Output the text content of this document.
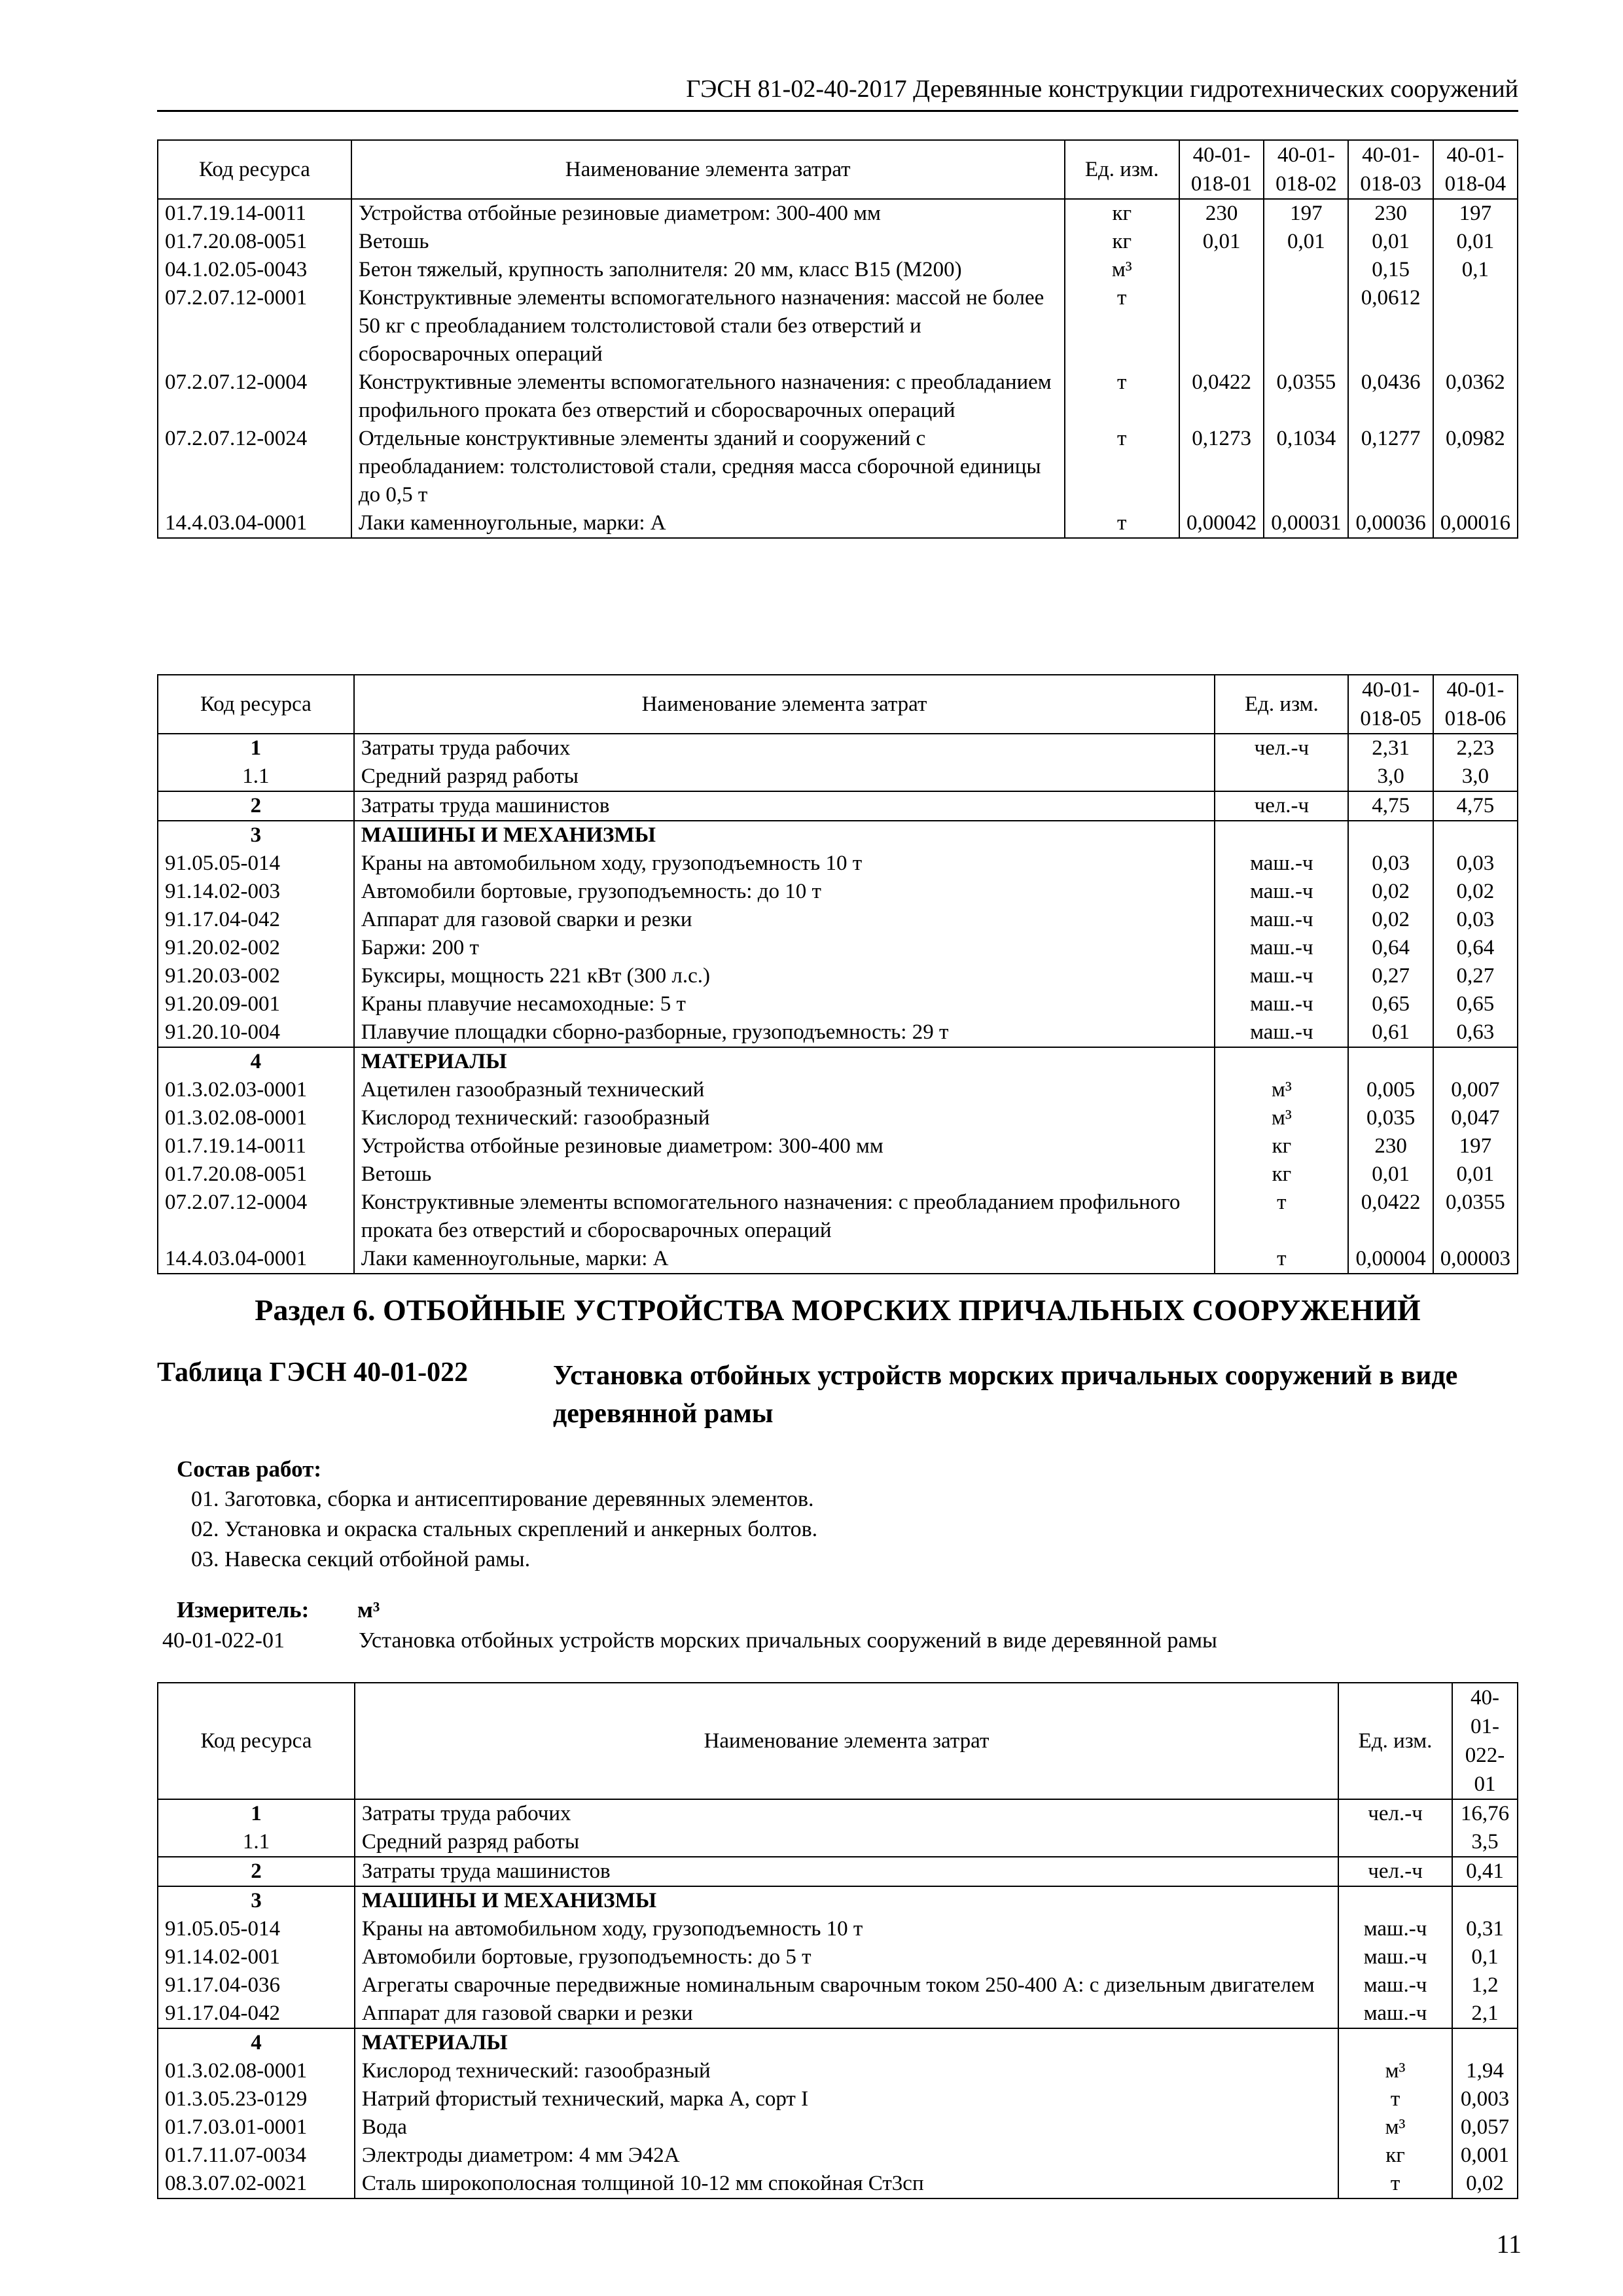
ГЭСН 81-02-40-2017 Деревянные конструкции гидротехнических сооружений
Код ресурса	Наименование элемента затрат	Ед. изм.	40-01-018-01	40-01-018-02	40-01-018-03	40-01-018-04
01.7.19.14-0011	Устройства отбойные резиновые диаметром: 300-400 мм	кг	230	197	230	197
01.7.20.08-0051	Ветошь	кг	0,01	0,01	0,01	0,01
04.1.02.05-0043	Бетон тяжелый, крупность заполнителя: 20 мм, класс В15 (М200)	м³			0,15	0,1
07.2.07.12-0001	Конструктивные элементы вспомогательного назначения: массой не более 50 кг с преобладанием толстолистовой стали без отверстий и сборосварочных операций	т			0,0612	
07.2.07.12-0004	Конструктивные элементы вспомогательного назначения: с преобладанием профильного проката без отверстий и сборосварочных операций	т	0,0422	0,0355	0,0436	0,0362
07.2.07.12-0024	Отдельные конструктивные элементы зданий и сооружений с преобладанием: толстолистовой стали, средняя масса сборочной единицы до 0,5 т	т	0,1273	0,1034	0,1277	0,0982
14.4.03.04-0001	Лаки каменноугольные, марки: А	т	0,00042	0,00031	0,00036	0,00016
Код ресурса	Наименование элемента затрат	Ед. изм.	40-01-018-05	40-01-018-06
1	Затраты труда рабочих	чел.-ч	2,31	2,23
1.1	Средний разряд работы		3,0	3,0
2	Затраты труда машинистов	чел.-ч	4,75	4,75
3	МАШИНЫ И МЕХАНИЗМЫ			
91.05.05-014	Краны на автомобильном ходу, грузоподъемность 10 т	маш.-ч	0,03	0,03
91.14.02-003	Автомобили бортовые, грузоподъемность: до 10 т	маш.-ч	0,02	0,02
91.17.04-042	Аппарат для газовой сварки и резки	маш.-ч	0,02	0,03
91.20.02-002	Баржи: 200 т	маш.-ч	0,64	0,64
91.20.03-002	Буксиры, мощность 221 кВт (300 л.с.)	маш.-ч	0,27	0,27
91.20.09-001	Краны плавучие несамоходные: 5 т	маш.-ч	0,65	0,65
91.20.10-004	Плавучие площадки сборно-разборные, грузоподъемность: 29 т	маш.-ч	0,61	0,63
4	МАТЕРИАЛЫ			
01.3.02.03-0001	Ацетилен газообразный технический	м³	0,005	0,007
01.3.02.08-0001	Кислород технический: газообразный	м³	0,035	0,047
01.7.19.14-0011	Устройства отбойные резиновые диаметром: 300-400 мм	кг	230	197
01.7.20.08-0051	Ветошь	кг	0,01	0,01
07.2.07.12-0004	Конструктивные элементы вспомогательного назначения: с преобладанием профильного проката без отверстий и сборосварочных операций	т	0,0422	0,0355
14.4.03.04-0001	Лаки каменноугольные, марки: А	т	0,00004	0,00003
Раздел 6. ОТБОЙНЫЕ УСТРОЙСТВА МОРСКИХ ПРИЧАЛЬНЫХ СООРУЖЕНИЙ
Таблица ГЭСН 40-01-022	Установка отбойных устройств морских причальных сооружений в виде деревянной рамы
Состав работ:
01. Заготовка, сборка и антисептирование деревянных элементов.
02. Установка и окраска стальных скреплений и анкерных болтов.
03. Навеска секций отбойной рамы.
Измеритель: м³
40-01-022-01	Установка отбойных устройств морских причальных сооружений в виде деревянной рамы
Код ресурса	Наименование элемента затрат	Ед. изм.	40-01-022-01
1	Затраты труда рабочих	чел.-ч	16,76
1.1	Средний разряд работы		3,5
2	Затраты труда машинистов	чел.-ч	0,41
3	МАШИНЫ И МЕХАНИЗМЫ		
91.05.05-014	Краны на автомобильном ходу, грузоподъемность 10 т	маш.-ч	0,31
91.14.02-001	Автомобили бортовые, грузоподъемность: до 5 т	маш.-ч	0,1
91.17.04-036	Агрегаты сварочные передвижные номинальным сварочным током 250-400 А: с дизельным двигателем	маш.-ч	1,2
91.17.04-042	Аппарат для газовой сварки и резки	маш.-ч	2,1
4	МАТЕРИАЛЫ		
01.3.02.08-0001	Кислород технический: газообразный	м³	1,94
01.3.05.23-0129	Натрий фтористый технический, марка А, сорт I	т	0,003
01.7.03.01-0001	Вода	м³	0,057
01.7.11.07-0034	Электроды диаметром: 4 мм Э42А	кг	0,001
08.3.07.02-0021	Сталь широкополосная толщиной 10-12 мм спокойная Ст3сп	т	0,02
11
